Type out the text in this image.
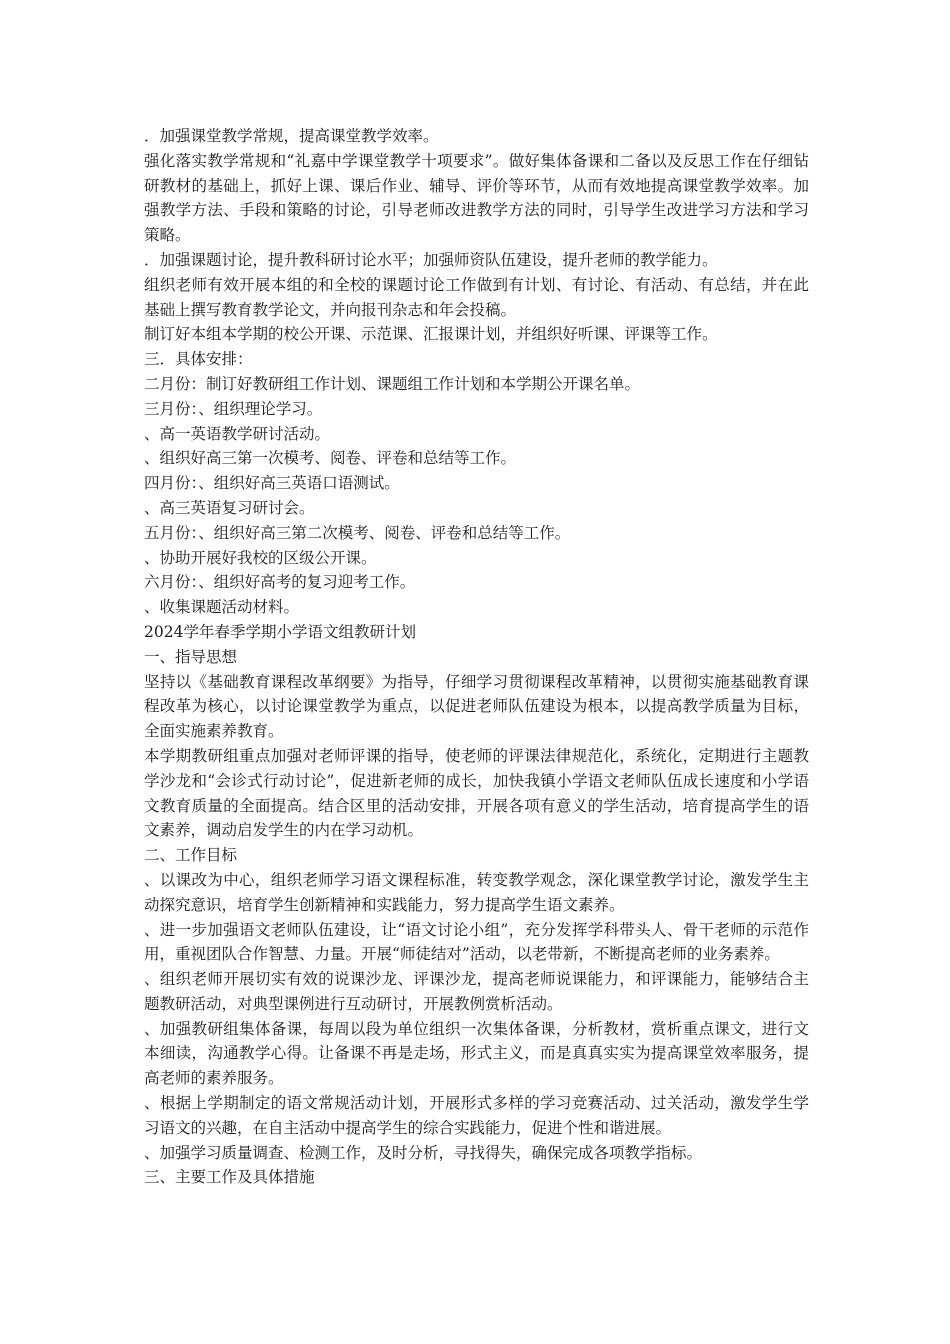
．加强课堂教学常规，提高课堂教学效率。

强化落实教学常规和“礼嘉中学课堂教学十项要求”。做好集体备课和二备以及反思工作在仔细钻研教材的基础上，抓好上课、课后作业、辅导、评价等环节，从而有效地提高课堂教学效率。加强教学方法、手段和策略的讨论，引导老师改进教学方法的同时，引导学生改进学习方法和学习策略。

．加强课题讨论，提升教科研讨论水平；加强师资队伍建设，提升老师的教学能力。

组织老师有效开展本组的和全校的课题讨论工作做到有计划、有讨论、有活动、有总结，并在此基础上撰写教育教学论文，并向报刊杂志和年会投稿。

制订好本组本学期的校公开课、示范课、汇报课计划，并组织好听课、评课等工作。

三．具体安排：

二月份：制订好教研组工作计划、课题组工作计划和本学期公开课名单。

三月份：、组织理论学习。

、高一英语教学研讨活动。

、组织好高三第一次模考、阅卷、评卷和总结等工作。

四月份：、组织好高三英语口语测试。

、高三英语复习研讨会。

五月份：、组织好高三第二次模考、阅卷、评卷和总结等工作。

、协助开展好我校的区级公开课。

六月份：、组织好高考的复习迎考工作。

、收集课题活动材料。

2024学年春季学期小学语文组教研计划

一、指导思想

坚持以《基础教育课程改革纲要》为指导，仔细学习贯彻课程改革精神，以贯彻实施基础教育课程改革为核心，以讨论课堂教学为重点，以促进老师队伍建设为根本，以提高教学质量为目标，全面实施素养教育。

本学期教研组重点加强对老师评课的指导，使老师的评课法律规范化，系统化，定期进行主题教学沙龙和“会诊式行动讨论”，促进新老师的成长，加快我镇小学语文老师队伍成长速度和小学语文教育质量的全面提高。结合区里的活动安排，开展各项有意义的学生活动，培育提高学生的语文素养，调动启发学生的内在学习动机。

二、工作目标

、以课改为中心，组织老师学习语文课程标准，转变教学观念，深化课堂教学讨论，激发学生主动探究意识，培育学生创新精神和实践能力，努力提高学生语文素养。

、进一步加强语文老师队伍建设，让“语文讨论小组”，充分发挥学科带头人、骨干老师的示范作用，重视团队合作智慧、力量。开展“师徒结对”活动，以老带新，不断提高老师的业务素养。

、组织老师开展切实有效的说课沙龙、评课沙龙，提高老师说课能力，和评课能力，能够结合主题教研活动，对典型课例进行互动研讨，开展教例赏析活动。

、加强教研组集体备课，每周以段为单位组织一次集体备课，分析教材，赏析重点课文，进行文本细读，沟通教学心得。让备课不再是走场，形式主义，而是真真实实为提高课堂效率服务，提高老师的素养服务。

、根据上学期制定的语文常规活动计划，开展形式多样的学习竞赛活动、过关活动，激发学生学习语文的兴趣，在自主活动中提高学生的综合实践能力，促进个性和谐进展。

、加强学习质量调查、检测工作，及时分析，寻找得失，确保完成各项教学指标。

三、主要工作及具体措施
